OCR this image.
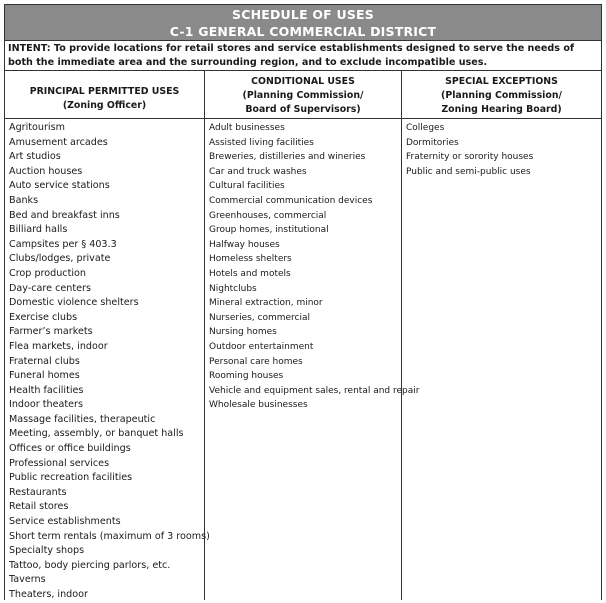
SCHEDULE OF USES
C-1 GENERAL COMMERCIAL DISTRICT
INTENT: To provide locations for retail stores and service establishments designed to serve the needs of both the immediate area and the surrounding region, and to exclude incompatible uses.
PRINCIPAL PERMITTED USES
(Zoning Officer)
Agritourism
Amusement arcades
Art studios
Auction houses
Auto service stations
Banks
Bed and breakfast inns
Billiard halls
Campsites per § 403.3
Clubs/lodges, private
Crop production
Day-care centers
Domestic violence shelters
Exercise clubs
Farmer’s markets
Flea markets, indoor
Fraternal clubs
Funeral homes
Health facilities
Indoor theaters
Massage facilities, therapeutic
Meeting, assembly, or banquet halls
Offices or office buildings
Professional services
Public recreation facilities
Restaurants
Retail stores
Service establishments
Short term rentals (maximum of 3 rooms)
Specialty shops
Tattoo, body piercing parlors, etc.
Taverns
Theaters, indoor
CONDITIONAL USES
(Planning Commission/
Board of Supervisors)
Adult businesses
Assisted living facilities
Breweries, distilleries and wineries
Car and truck washes
Cultural facilities
Commercial communication devices
Greenhouses, commercial
Group homes, institutional
Halfway houses
Homeless shelters
Hotels and motels
Nightclubs
Mineral extraction, minor
Nurseries, commercial
Nursing homes
Outdoor entertainment
Personal care homes
Rooming houses
Vehicle and equipment sales, rental and repair
Wholesale businesses
SPECIAL EXCEPTIONS
(Planning Commission/
Zoning Hearing Board)
Colleges
Dormitories
Fraternity or sorority houses
Public and semi-public uses
